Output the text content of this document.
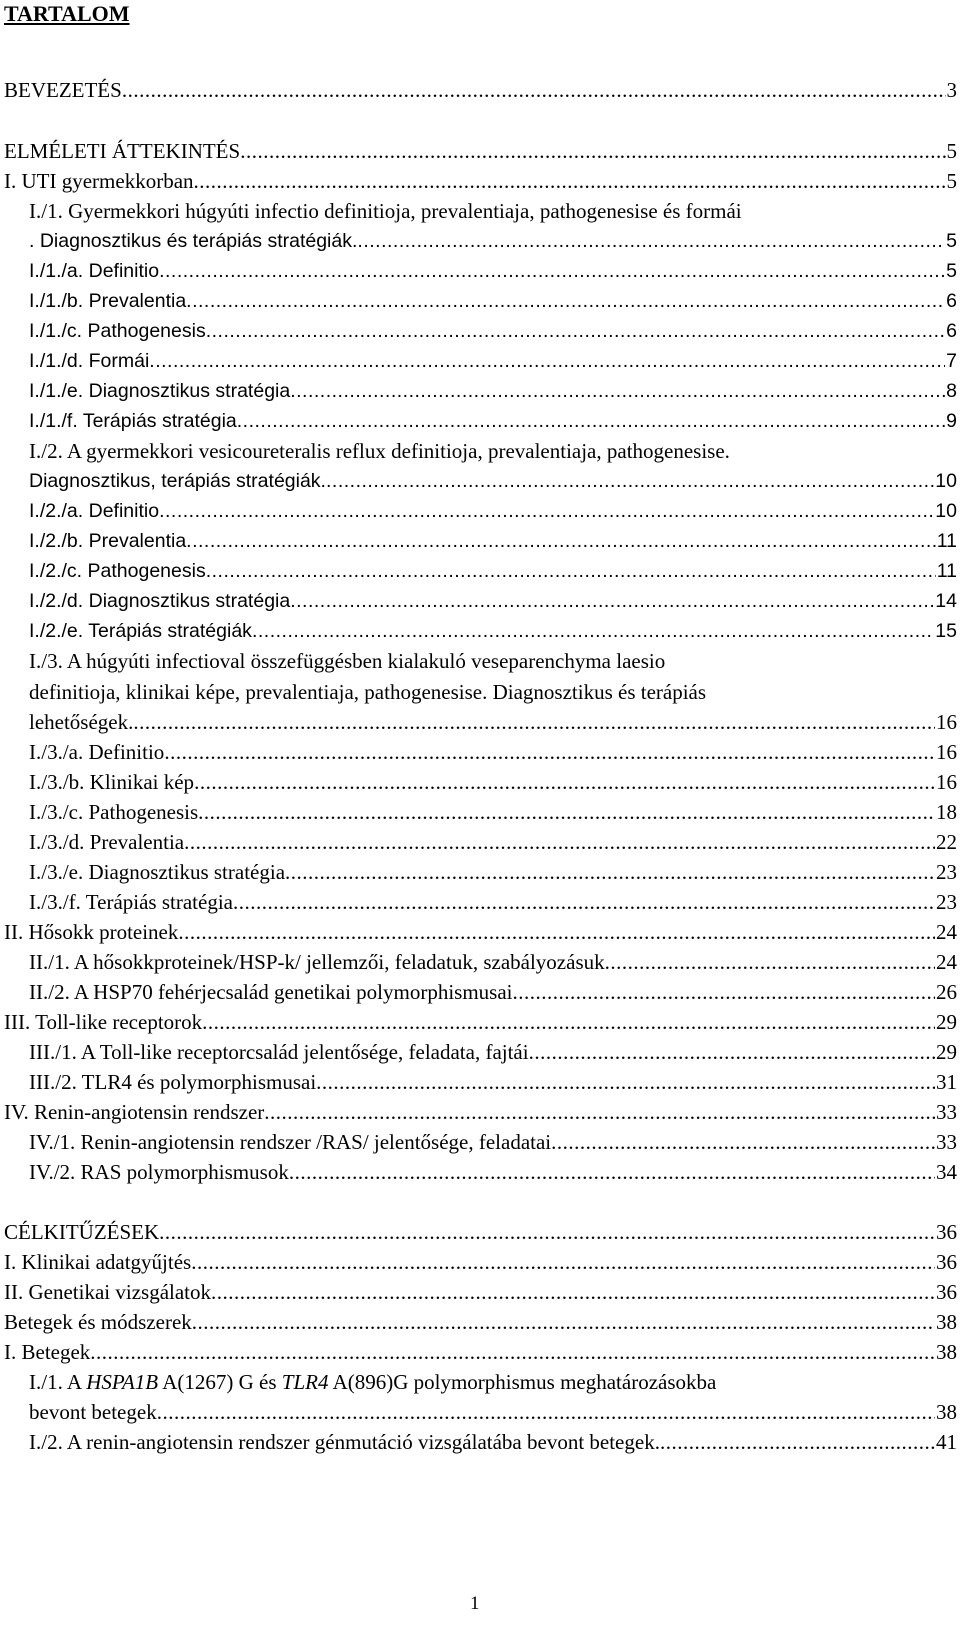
TARTALOM
BEVEZETÉS .....	3
ELMÉLETI ÁTTEKINTÉS .....	5
I. UTI gyermekkorban .....	5
I./1. Gyermekkori húgyúti infectio definitioja, prevalentiaja, pathogenesise és formái
. Diagnosztikus és terápiás stratégiák. .....	5
I./1./a. Definitio .....	5
I./1./b. Prevalentia .....	6
I./1./c. Pathogenesis .....	6
I./1./d. Formái .....	7
I./1./e. Diagnosztikus stratégia .....	8
I./1./f. Terápiás stratégia .....	9
I./2. A gyermekkori vesicoureteralis reflux definitioja, prevalentiaja, pathogenesise.
Diagnosztikus, terápiás stratégiák. .....	10
I./2./a. Definitio .....	10
I./2./b. Prevalentia .....	11
I./2./c. Pathogenesis .....	11
I./2./d. Diagnosztikus stratégia .....	14
I./2./e. Terápiás stratégiák .....	15
I./3. A húgyúti infectioval összefüggésben kialakuló veseparenchyma laesio
definitioja, klinikai képe, prevalentiaja, pathogenesise. Diagnosztikus és terápiás
lehetőségek. .....	16
I./3./a. Definitio .....	16
I./3./b. Klinikai kép .....	16
I./3./c. Pathogenesis .....	18
I./3./d. Prevalentia .....	22
I./3./e. Diagnosztikus stratégia .....	23
I./3./f. Terápiás stratégia .....	23
II. Hősokk proteinek .....	24
II./1. A hősokkproteinek/HSP-k/ jellemzői, feladatuk, szabályozásuk .....	24
II./2. A HSP70 fehérjecsalád genetikai polymorphismusai .....	26
III. Toll-like receptorok .....	29
III./1. A Toll-like receptorcsalád jelentősége, feladata, fajtái .....	29
III./2. TLR4 és polymorphismusai .....	31
IV. Renin-angiotensin rendszer .....	33
IV./1. Renin-angiotensin rendszer /RAS/ jelentősége, feladatai .....	33
IV./2. RAS polymorphismusok .....	34
CÉLKITŰZÉSEK .....	36
I. Klinikai adatgyűjtés .....	36
II. Genetikai vizsgálatok .....	36
Betegek és módszerek .....	38
I. Betegek .....	38
I./1. A HSPA1B A(1267) G és TLR4 A(896)G polymorphismus meghatározásokba
bevont betegek .....	38
I./2. A renin-angiotensin rendszer génmutáció vizsgálatába bevont betegek. .....	41
1
